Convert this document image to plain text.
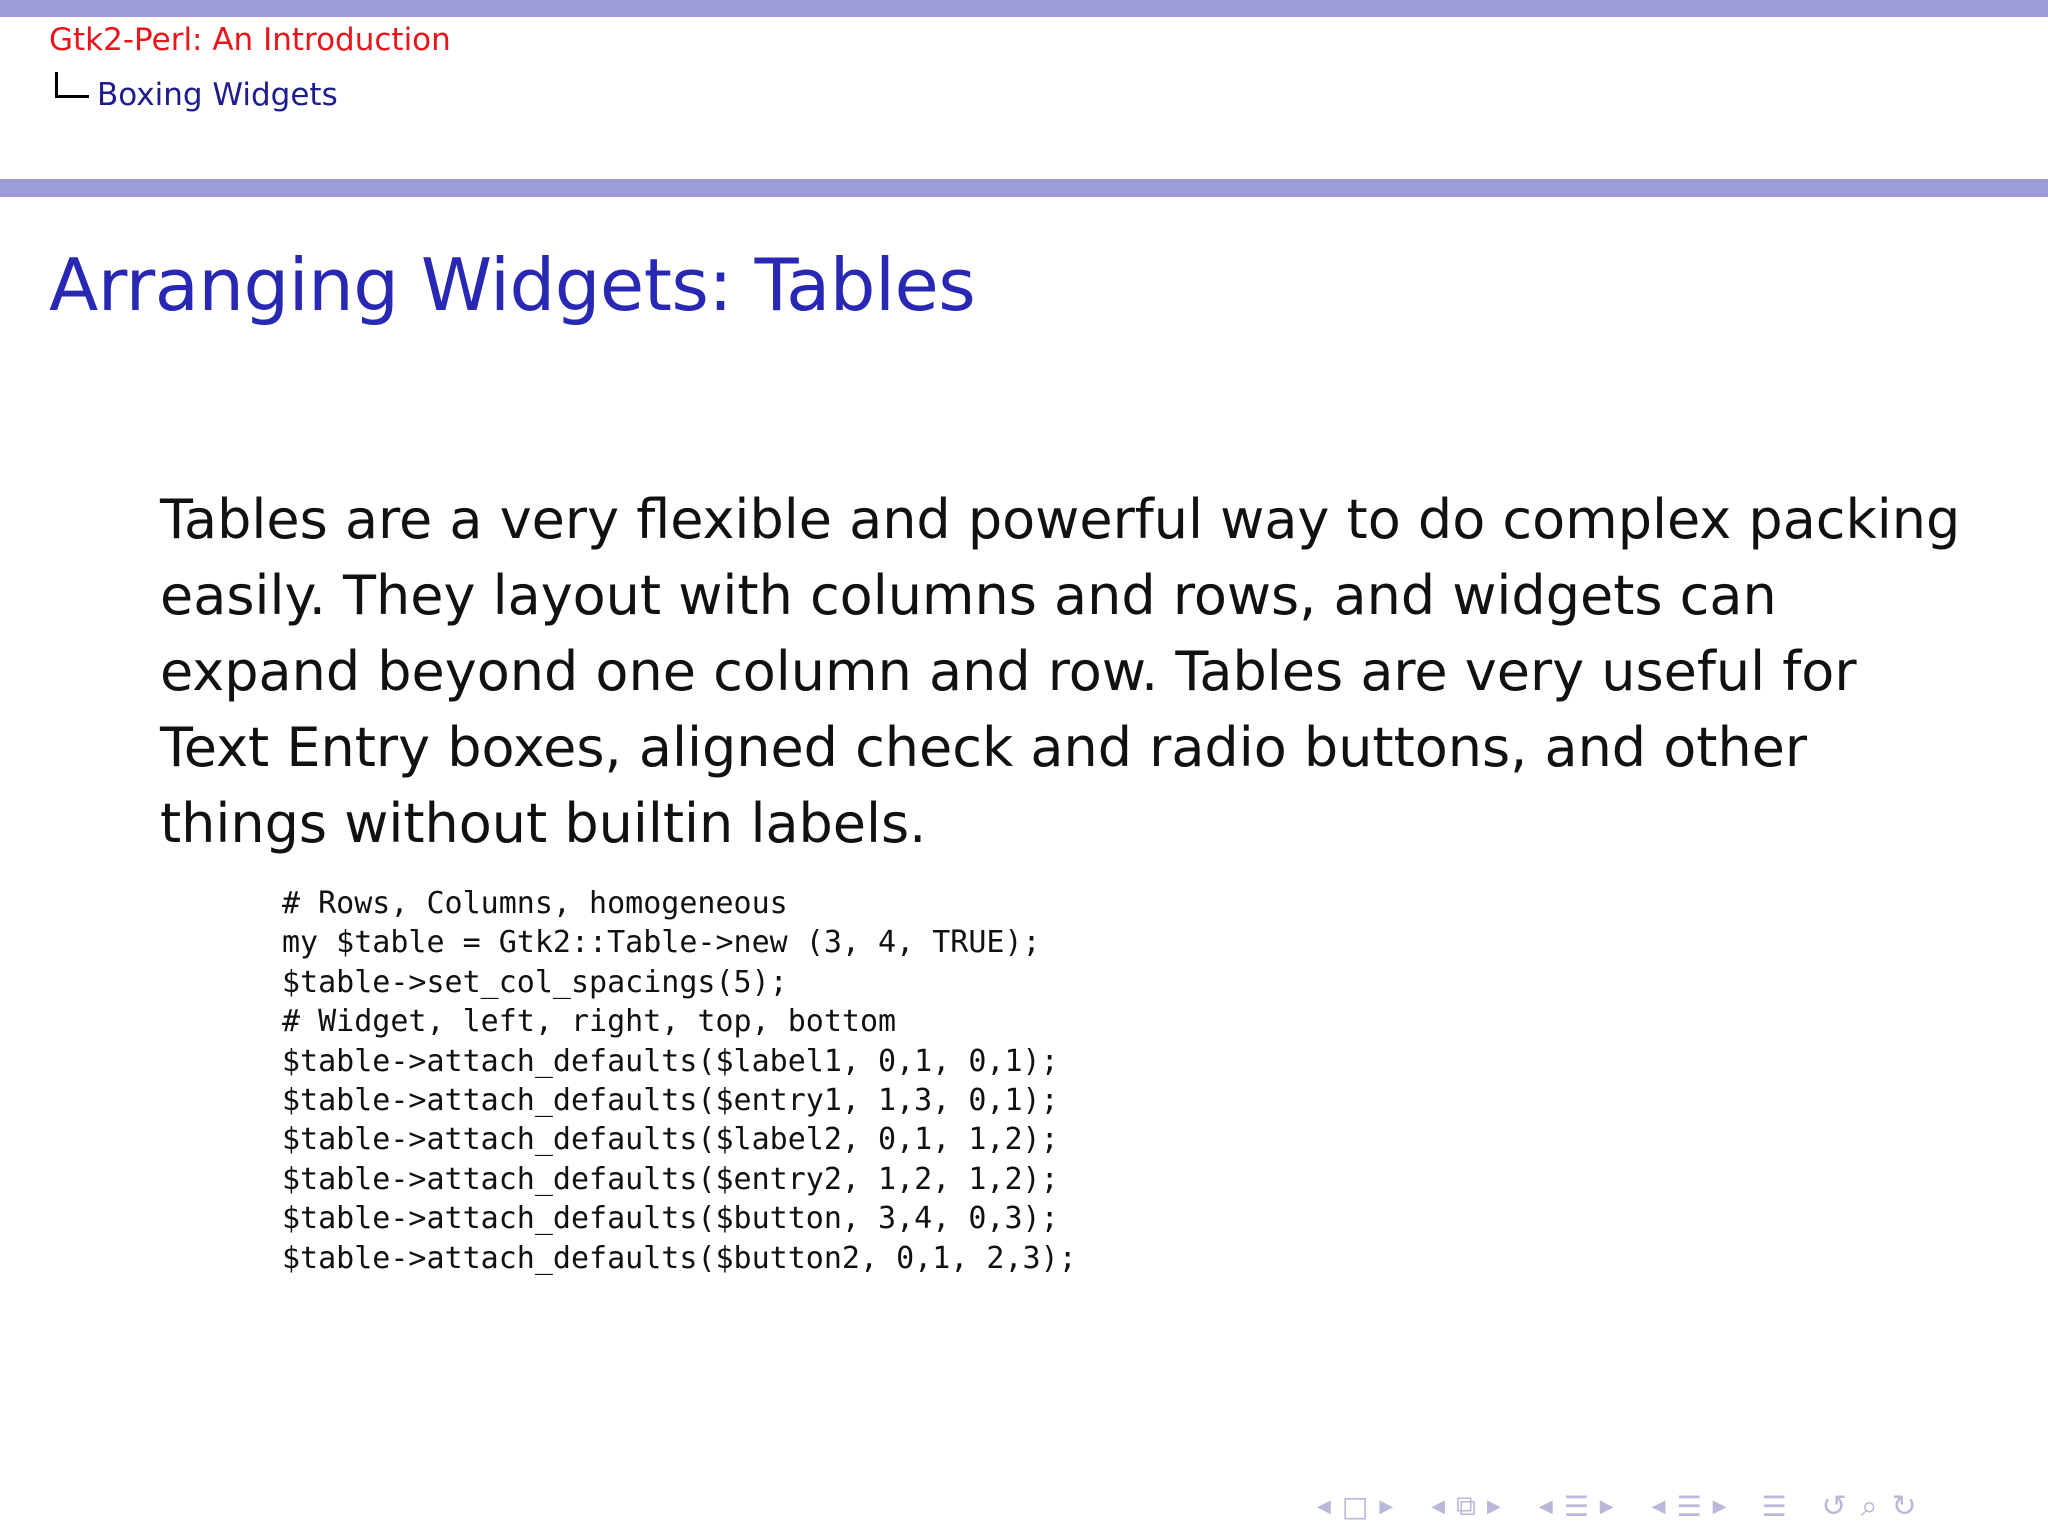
Gtk2-Perl: An Introduction
Boxing Widgets
Arranging Widgets: Tables
Tables are a very flexible and powerful way to do complex packing
easily. They layout with columns and rows, and widgets can
expand beyond one column and row. Tables are very useful for
Text Entry boxes, aligned check and radio buttons, and other
things without builtin labels.
# Rows, Columns, homogeneous
my $table = Gtk2::Table->new (3, 4, TRUE);
$table->set_col_spacings(5);
# Widget, left, right, top, bottom
$table->attach_defaults($label1, 0,1, 0,1);
$table->attach_defaults($entry1, 1,3, 0,1);
$table->attach_defaults($label2, 0,1, 1,2);
$table->attach_defaults($entry2, 1,2, 1,2);
$table->attach_defaults($button, 3,4, 0,3);
$table->attach_defaults($button2, 0,1, 2,3);
◀ □ ▶ ◀ ⧉ ▶ ◀ ☰ ▶ ◀ ☰ ▶ ☰ ↺ ⌕ ↻
